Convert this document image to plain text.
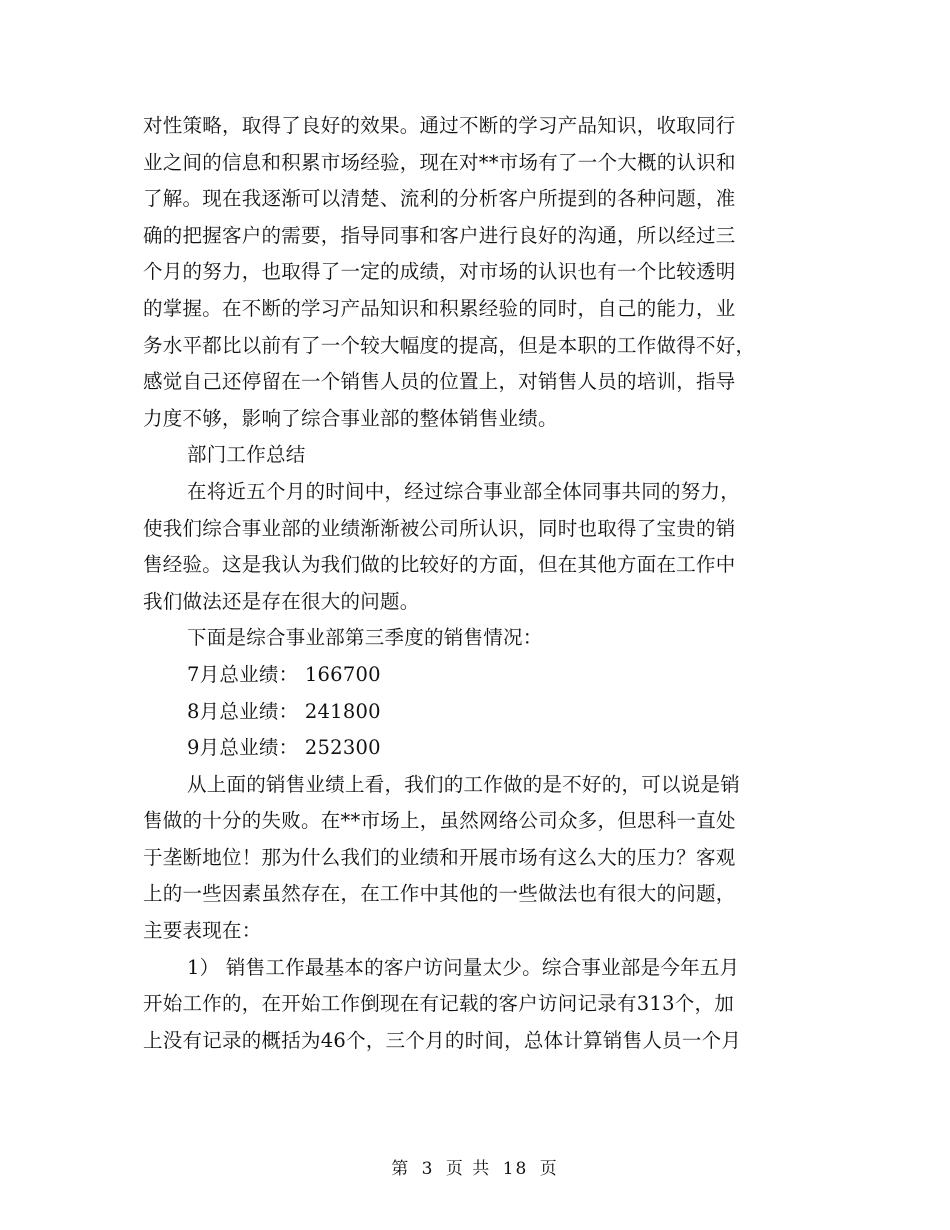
对性策略，取得了良好的效果。通过不断的学习产品知识，收取同行
业之间的信息和积累市场经验，现在对**市场有了一个大概的认识和
了解。现在我逐渐可以清楚、流利的分析客户所提到的各种问题，准
确的把握客户的需要，指导同事和客户进行良好的沟通，所以经过三
个月的努力，也取得了一定的成绩，对市场的认识也有一个比较透明
的掌握。在不断的学习产品知识和积累经验的同时，自己的能力，业
务水平都比以前有了一个较大幅度的提高，但是本职的工作做得不好，
感觉自己还停留在一个销售人员的位置上，对销售人员的培训，指导
力度不够，影响了综合事业部的整体销售业绩。
部门工作总结
在将近五个月的时间中，经过综合事业部全体同事共同的努力，
使我们综合事业部的业绩渐渐被公司所认识，同时也取得了宝贵的销
售经验。这是我认为我们做的比较好的方面，但在其他方面在工作中
我们做法还是存在很大的问题。
下面是综合事业部第三季度的销售情况：
7月总业绩： 166700
8月总业绩： 241800
9月总业绩： 252300
从上面的销售业绩上看，我们的工作做的是不好的，可以说是销
售做的十分的失败。在**市场上，虽然网络公司众多，但思科一直处
于垄断地位！那为什么我们的业绩和开展市场有这么大的压力？客观
上的一些因素虽然存在，在工作中其他的一些做法也有很大的问题，
主要表现在：
1） 销售工作最基本的客户访问量太少。综合事业部是今年五月
开始工作的，在开始工作倒现在有记载的客户访问记录有313个，加
上没有记录的概括为46个，三个月的时间，总体计算销售人员一个月
第 3 页 共 18 页
